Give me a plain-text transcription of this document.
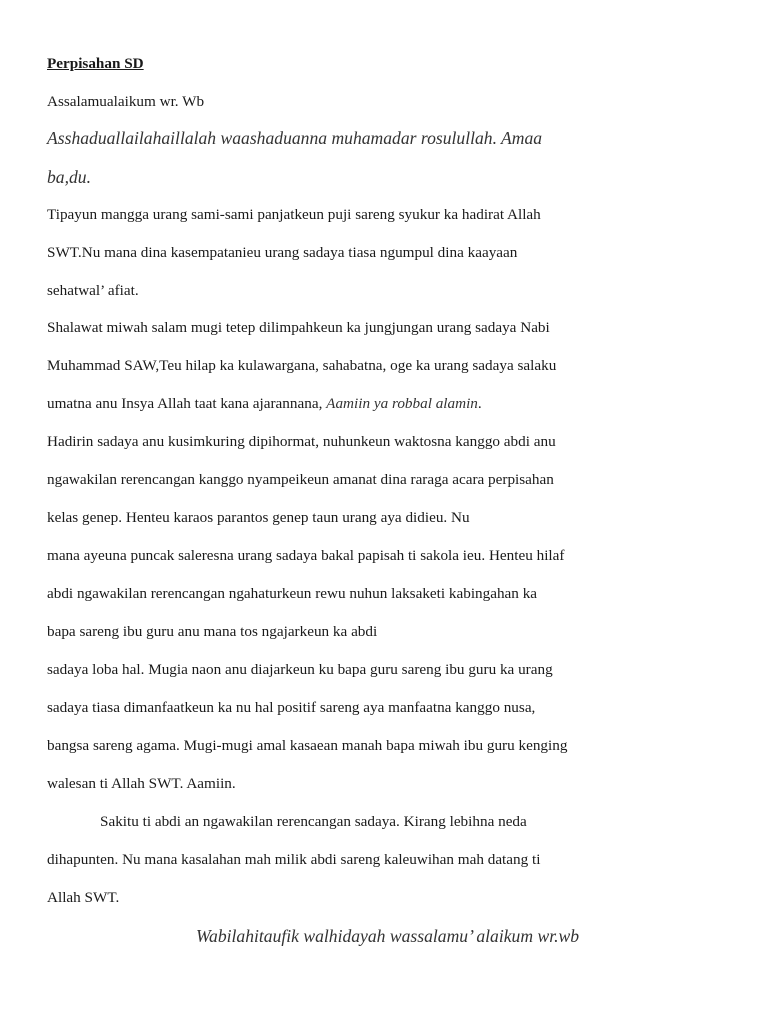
Perpisahan SD
Assalamualaikum wr. Wb
Asshaduallailahaillalah waashaduanna muhamadar rosulullah. Amaa
ba,du.
Tipayun mangga urang sami-sami panjatkeun puji sareng syukur ka hadirat Allah
SWT.Nu mana dina kasempatanieu urang sadaya tiasa ngumpul dina kaayaan
sehatwal’ afiat.
Shalawat miwah salam mugi tetep dilimpahkeun ka jungjungan urang sadaya Nabi
Muhammad SAW,Teu hilap ka kulawargana, sahabatna, oge ka urang sadaya salaku
umatna anu Insya Allah taat kana ajarannana, Aamiin ya robbal alamin.
Hadirin sadaya anu kusimkuring dipihormat, nuhunkeun waktosna kanggo abdi anu
ngawakilan rerencangan kanggo nyampeikeun amanat dina raraga acara perpisahan
kelas genep. Henteu karaos parantos genep taun urang aya didieu. Nu
mana ayeuna puncak saleresna urang sadaya bakal papisah ti sakola ieu. Henteu hilaf
abdi ngawakilan rerencangan ngahaturkeun rewu nuhun laksaketi kabingahan ka
bapa sareng ibu guru anu mana tos ngajarkeun ka abdi
sadaya loba hal. Mugia naon anu diajarkeun ku bapa guru sareng ibu guru ka urang
sadaya tiasa dimanfaatkeun ka nu hal positif sareng aya manfaatna kanggo nusa,
bangsa sareng agama. Mugi-mugi amal kasaean manah bapa miwah ibu guru kenging
walesan ti Allah SWT. Aamiin.
Sakitu ti abdi an ngawakilan rerencangan sadaya. Kirang lebihna neda
dihapunten. Nu mana kasalahan mah milik abdi sareng kaleuwihan mah datang ti
Allah SWT.
Wabilahitaufik walhidayah wassalamu’ alaikum wr.wb
